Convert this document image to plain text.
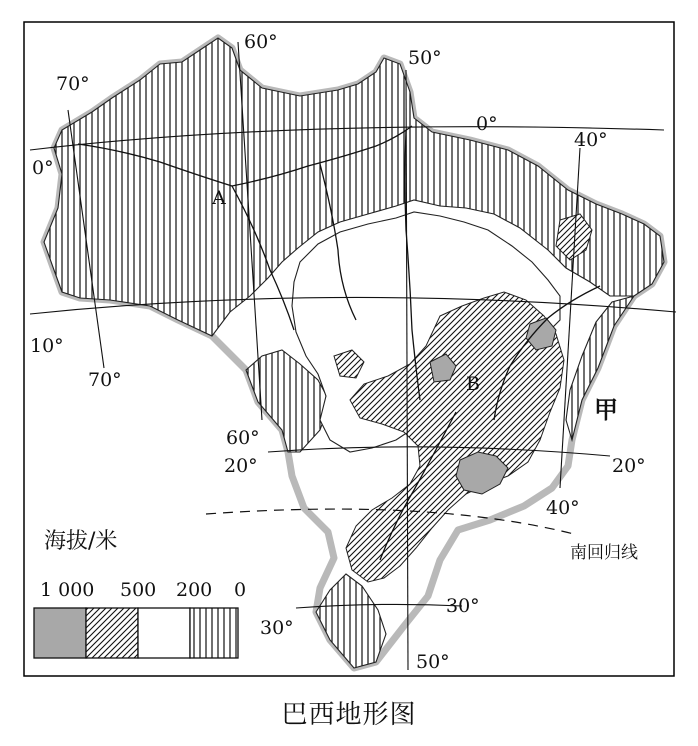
60°
50°
40°
70°
0°
0°
10°
70°
60°
20°	20°
40°
30°
30°
50°
A
B
甲
南回归线
海拔/米
1 000 500 200 0
巴西地形图
